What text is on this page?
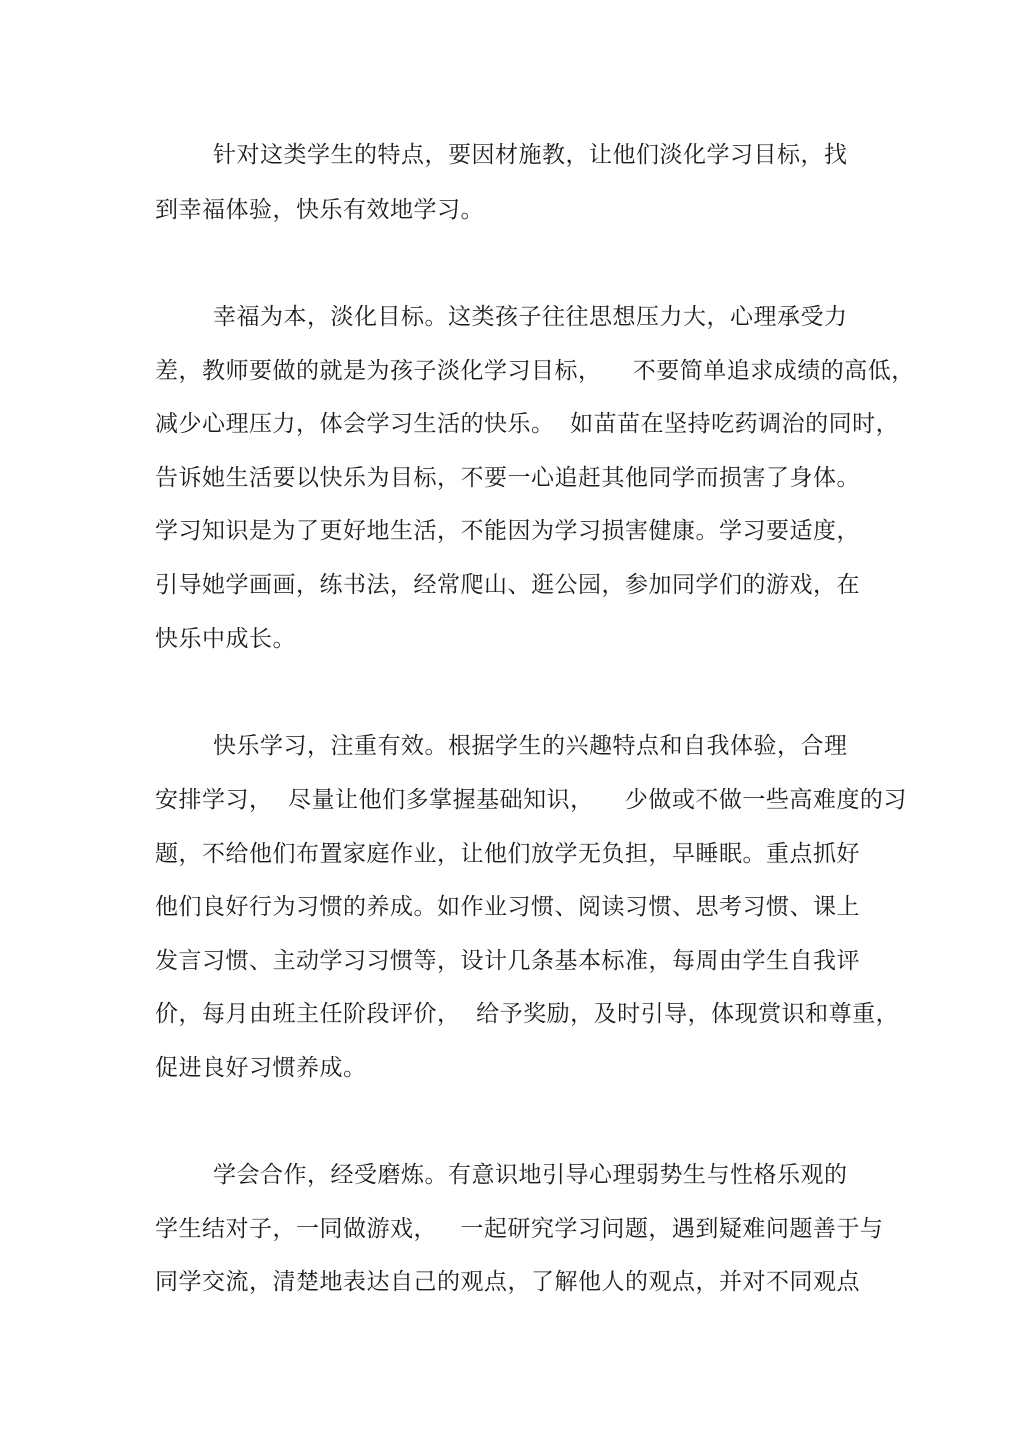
针对这类学生的特点，要因材施教，让他们淡化学习目标，找
到幸福体验，快乐有效地学习。
幸福为本，淡化目标。这类孩子往往思想压力大，心理承受力
差，教师要做的就是为孩子淡化学习目标，    不要简单追求成绩的高低，
减少心理压力，体会学习生活的快乐。  如苗苗在坚持吃药调治的同时，
告诉她生活要以快乐为目标，不要一心追赶其他同学而损害了身体。
学习知识是为了更好地生活，不能因为学习损害健康。学习要适度，
引导她学画画，练书法，经常爬山、逛公园，参加同学们的游戏，在
快乐中成长。
快乐学习，注重有效。根据学生的兴趣特点和自我体验，合理
安排学习，  尽量让他们多掌握基础知识，    少做或不做一些高难度的习
题，不给他们布置家庭作业，让他们放学无负担，早睡眠。重点抓好
他们良好行为习惯的养成。如作业习惯、阅读习惯、思考习惯、课上
发言习惯、主动学习习惯等，设计几条基本标准，每周由学生自我评
价，每月由班主任阶段评价，  给予奖励，及时引导，体现赏识和尊重，
促进良好习惯养成。
学会合作，经受磨炼。有意识地引导心理弱势生与性格乐观的
学生结对子，一同做游戏，   一起研究学习问题，遇到疑难问题善于与
同学交流，清楚地表达自己的观点，了解他人的观点，并对不同观点
